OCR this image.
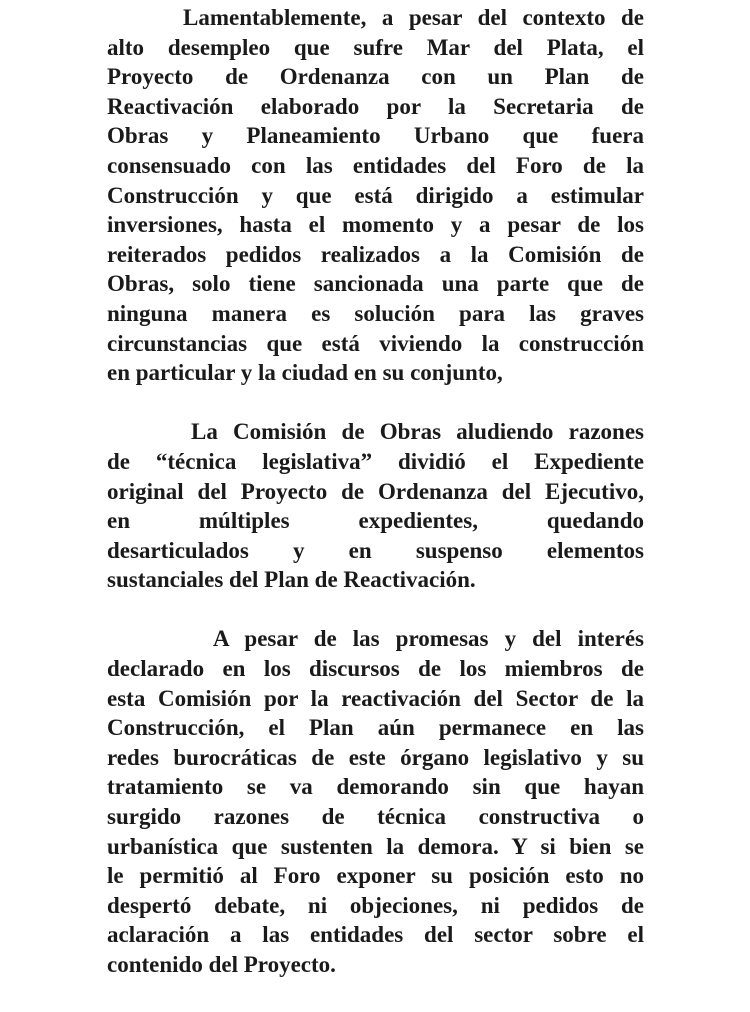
Lamentablemente, a pesar del contexto de
alto desempleo que sufre Mar del Plata, el
Proyecto de Ordenanza con un Plan de
Reactivación elaborado por la Secretaria de
Obras y Planeamiento Urbano que fuera
consensuado con las entidades del Foro de la
Construcción y que está dirigido a estimular
inversiones, hasta el momento y a pesar de los
reiterados pedidos realizados a la Comisión de
Obras, solo tiene sancionada una parte que de
ninguna manera es solución para las graves
circunstancias que está viviendo la construcción
en particular y la ciudad en su conjunto,
La Comisión de Obras aludiendo razones
de “técnica legislativa” dividió el Expediente
original del Proyecto de Ordenanza del Ejecutivo,
en múltiples expedientes, quedando
desarticulados y en suspenso elementos
sustanciales del Plan de Reactivación.
A pesar de las promesas y del interés
declarado en los discursos de los miembros de
esta Comisión por la reactivación del Sector de la
Construcción, el Plan aún permanece en las
redes burocráticas de este órgano legislativo y su
tratamiento se va demorando sin que hayan
surgido razones de técnica constructiva o
urbanística que sustenten la demora. Y si bien se
le permitió al Foro exponer su posición esto no
despertó debate, ni objeciones, ni pedidos de
aclaración a las entidades del sector sobre el
contenido del Proyecto.
